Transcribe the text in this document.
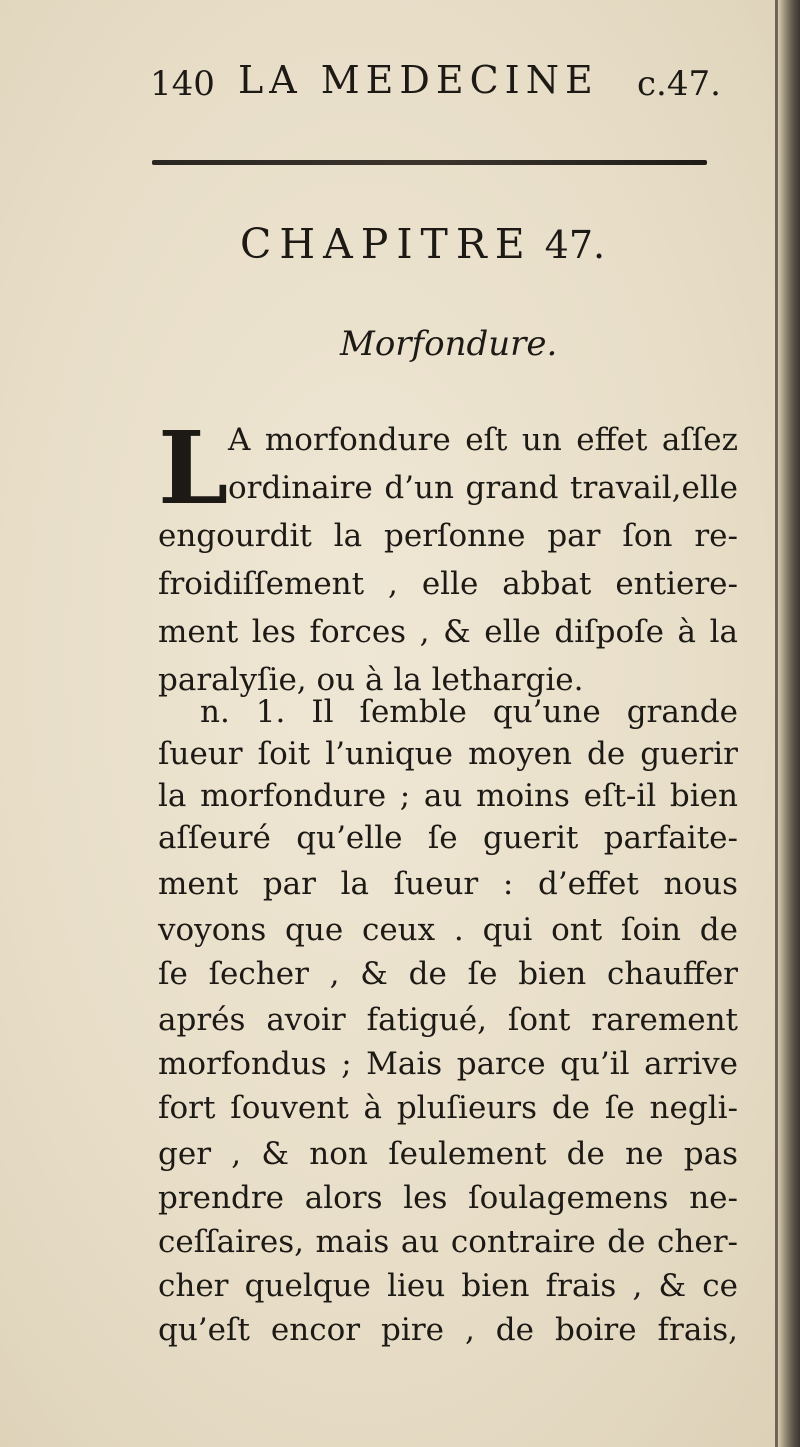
140 LA MEDECINE c.47.
CHAPITRE 47.
Morfondure.
L A morfondure eſt un effet aſſez
ordinaire d’un grand travail,elle
engourdit la perſonne par ſon re-
froidiſſement , elle abbat entiere-
ment les forces , & elle diſpoſe à la
paralyſie, ou à la lethargie.
n. 1. Il ſemble qu’une grande
ſueur ſoit l’unique moyen de guerir
la morfondure ; au moins eſt-il bien
aſſeuré qu’elle ſe guerit parfaite-
ment par la ſueur : d’effet nous
voyons que ceux . qui ont ſoin de
ſe ſecher , & de ſe bien chauffer
aprés avoir fatigué, ſont rarement
morfondus ; Mais parce qu’il arrive
fort ſouvent à pluſieurs de ſe negli-
ger , & non ſeulement de ne pas
prendre alors les ſoulagemens ne-
ceſſaires, mais au contraire de cher-
cher quelque lieu bien frais , & ce
qu’eſt encor pire , de boire frais,
